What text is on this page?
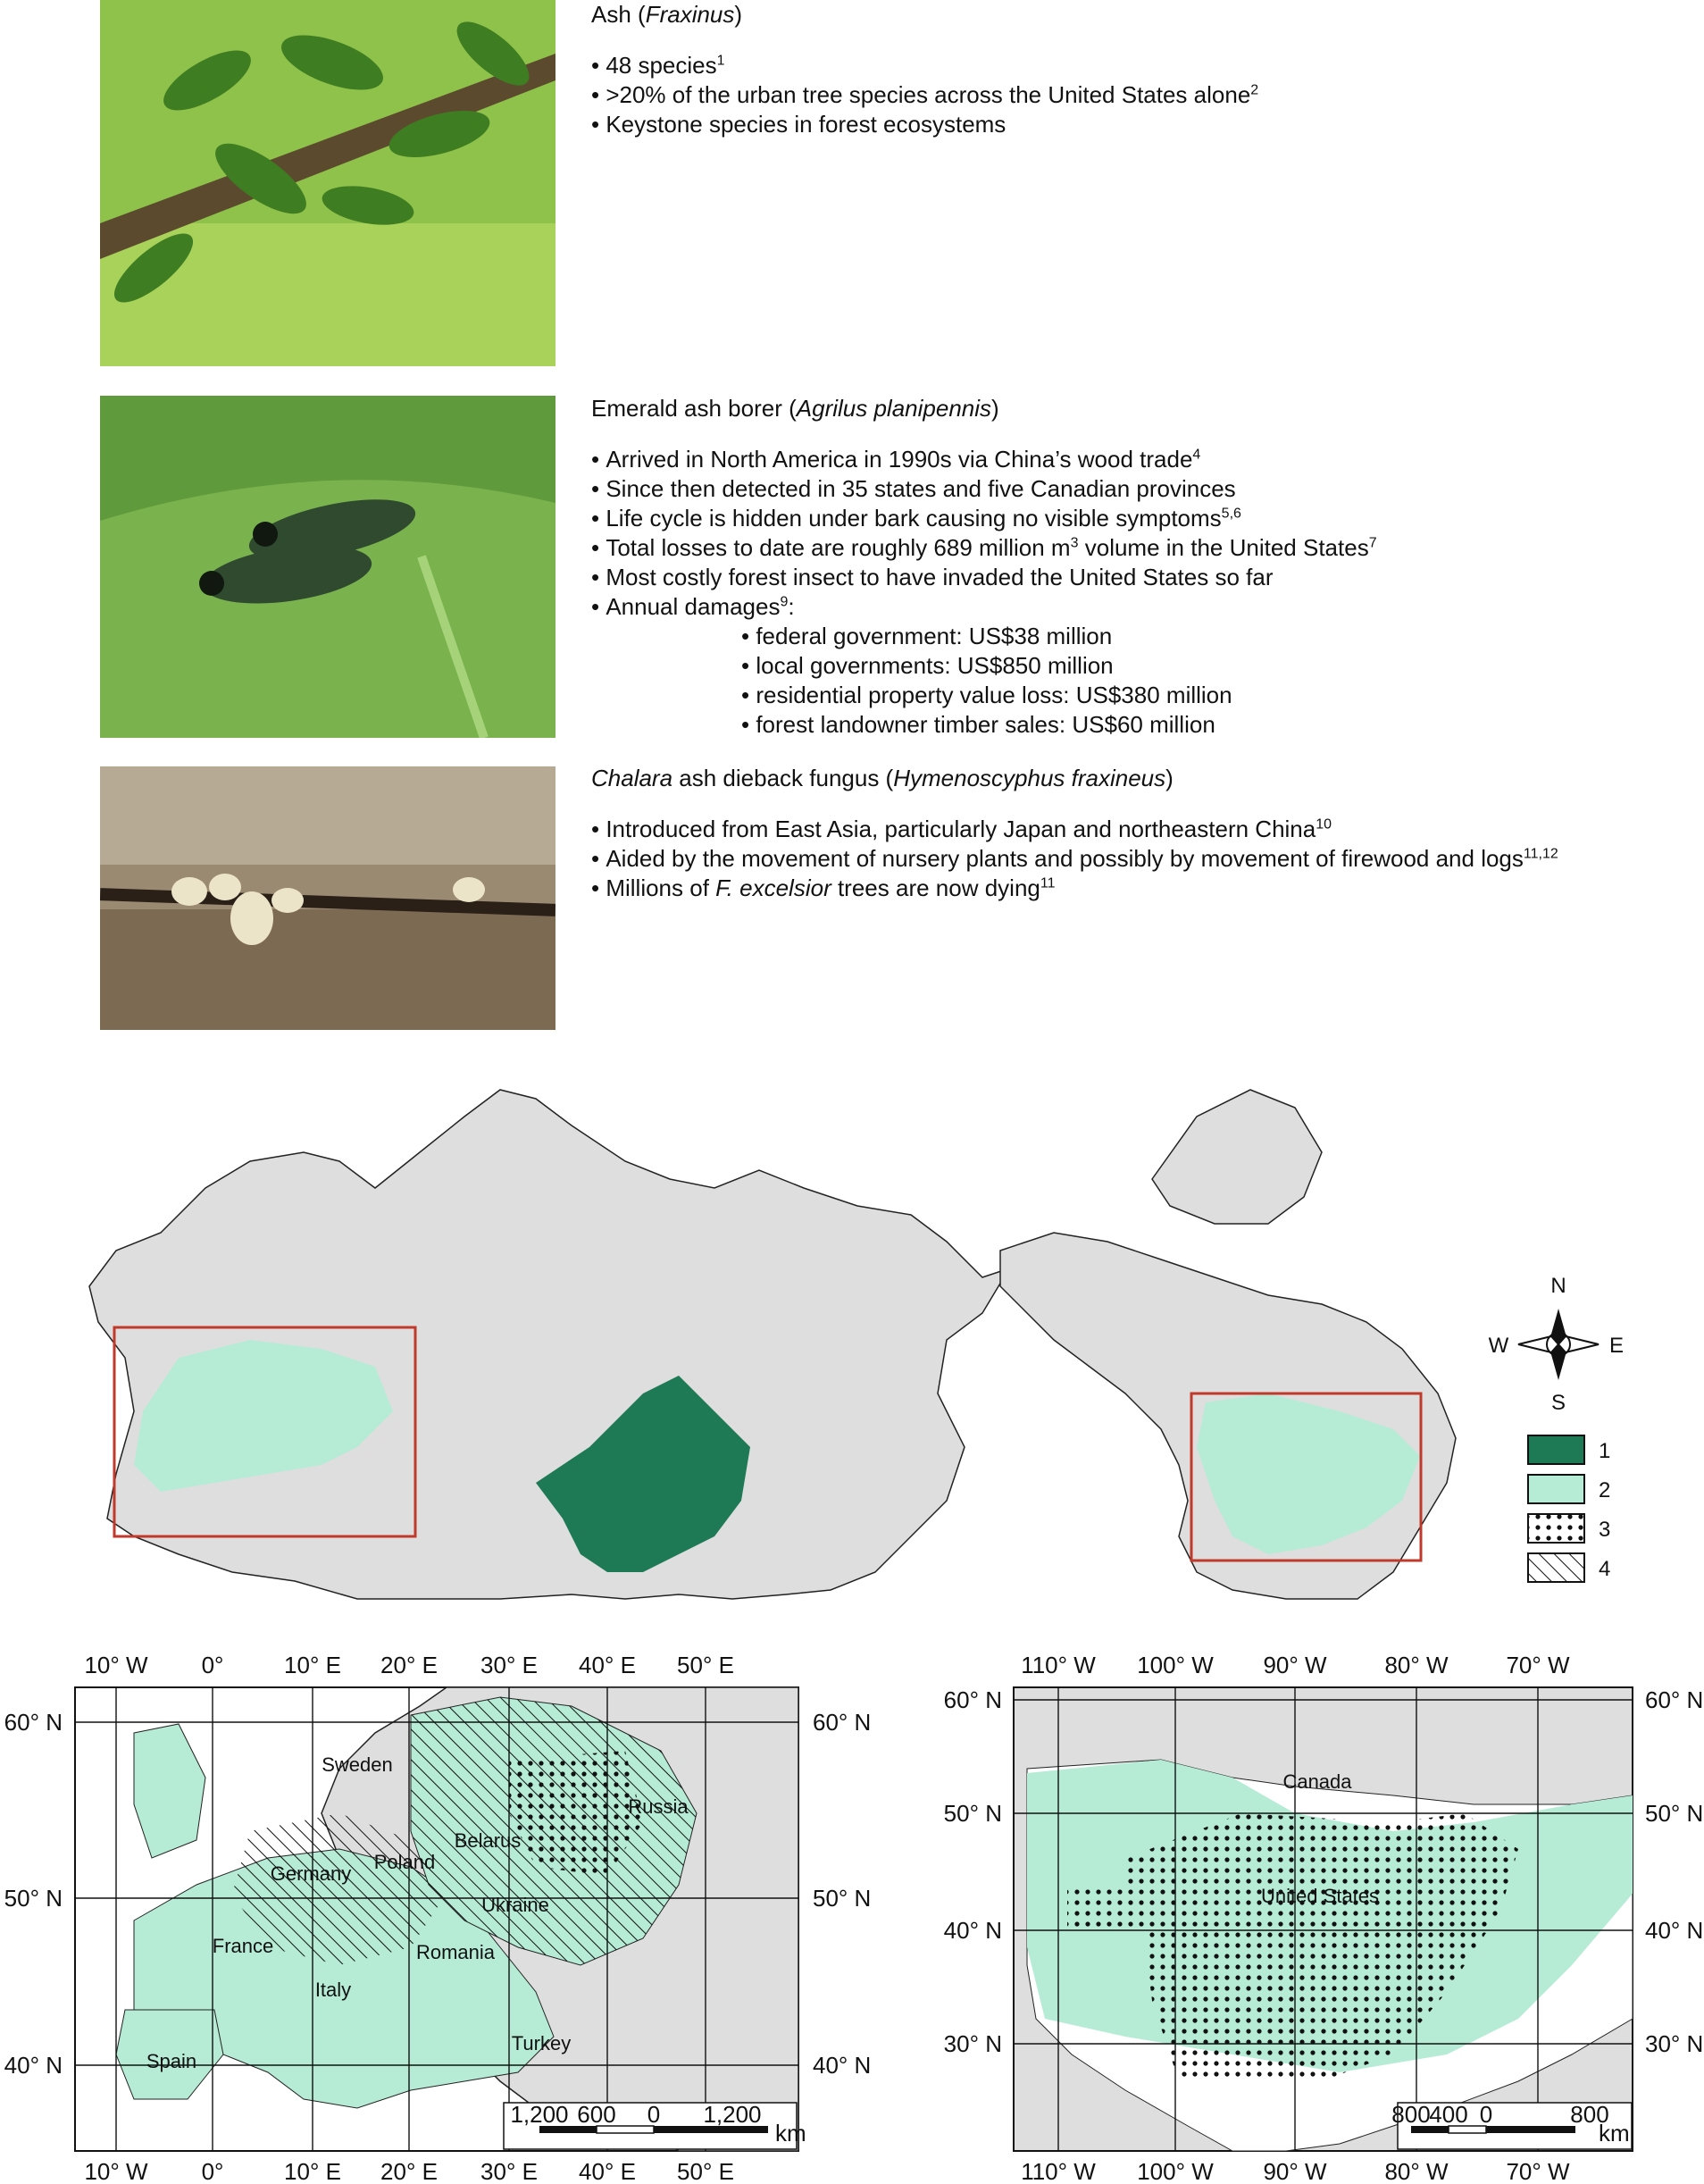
Ash (Fraxinus)
• 48 species$^1$
• >20% of the urban tree species across the United States alone$^2$
• Keystone species in forest ecosystems
Emerald ash borer (Agrilus planipennis)
• Arrived in North America in 1990s via China’s wood trade$^4$
• Since then detected in 35 states and five Canadian provinces
• Life cycle is hidden under bark causing no visible symptoms$^{5,6}$
• Total losses to date are roughly 689 million $m^3$ volume in the United States$^7$
• Most costly forest insect to have invaded the United States so far
• Annual damages$^9$:
• federal government: US$38 million
• local governments: US$850 million
• residential property value loss: US$380 million
• forest landowner timber sales: US$60 million
Chalara ash dieback fungus (Hymenoscyphus fraxineus)
• Introduced from East Asia, particularly Japan and northeastern China$^{10}$
• Aided by the movement of nursery plants and possibly by movement of firewood and logs$^{11,12}$
• Millions of F. excelsior trees are now dying$^{11}$
N
S
E
W
1
2
3
4
10° W 0°	10° E 20° E 30° E 40° E 50° E
10° W 0°	10° E 20° E 30° E 40° E 50° E
60° N
50° N
40° N
60° N
50° N
40° N
Sweden
Russia
Belarus
Poland
Germany
Ukraine
France	Romania
Italy
Turkey
Spain
1,200 600 0 1,200
km
110° W 100° W 90° W 80° W 70° W
110° W 100° W 90° W 80° W 70° W
60° N
50° N
40° N
30° N
60° N
50° N
40° N
30° N
Canada
United States
800
400 0	800
km
